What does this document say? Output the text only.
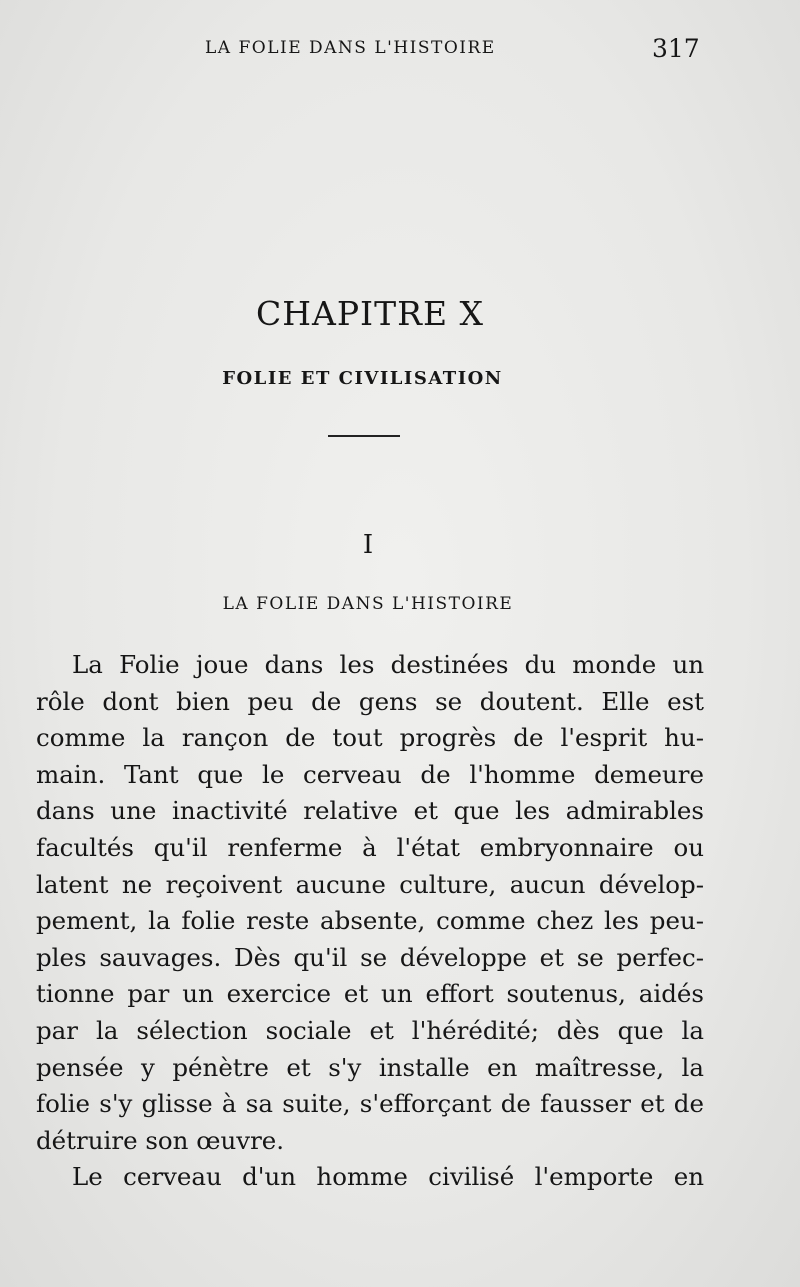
LA FOLIE DANS L'HISTOIRE	317
CHAPITRE X
FOLIE ET CIVILISATION
I
LA FOLIE DANS L'HISTOIRE
La Folie joue dans les destinées du monde un
rôle dont bien peu de gens se doutent. Elle est
comme la rançon de tout progrès de l'esprit hu-
main. Tant que le cerveau de l'homme demeure
dans une inactivité relative et que les admirables
facultés qu'il renferme à l'état embryonnaire ou
latent ne reçoivent aucune culture, aucun dévelop-
pement, la folie reste absente, comme chez les peu-
ples sauvages. Dès qu'il se développe et se perfec-
tionne par un exercice et un effort soutenus, aidés
par la sélection sociale et l'hérédité; dès que la
pensée y pénètre et s'y installe en maîtresse, la
folie s'y glisse à sa suite, s'efforçant de fausser et de
détruire son œuvre.
Le cerveau d'un homme civilisé l'emporte en
